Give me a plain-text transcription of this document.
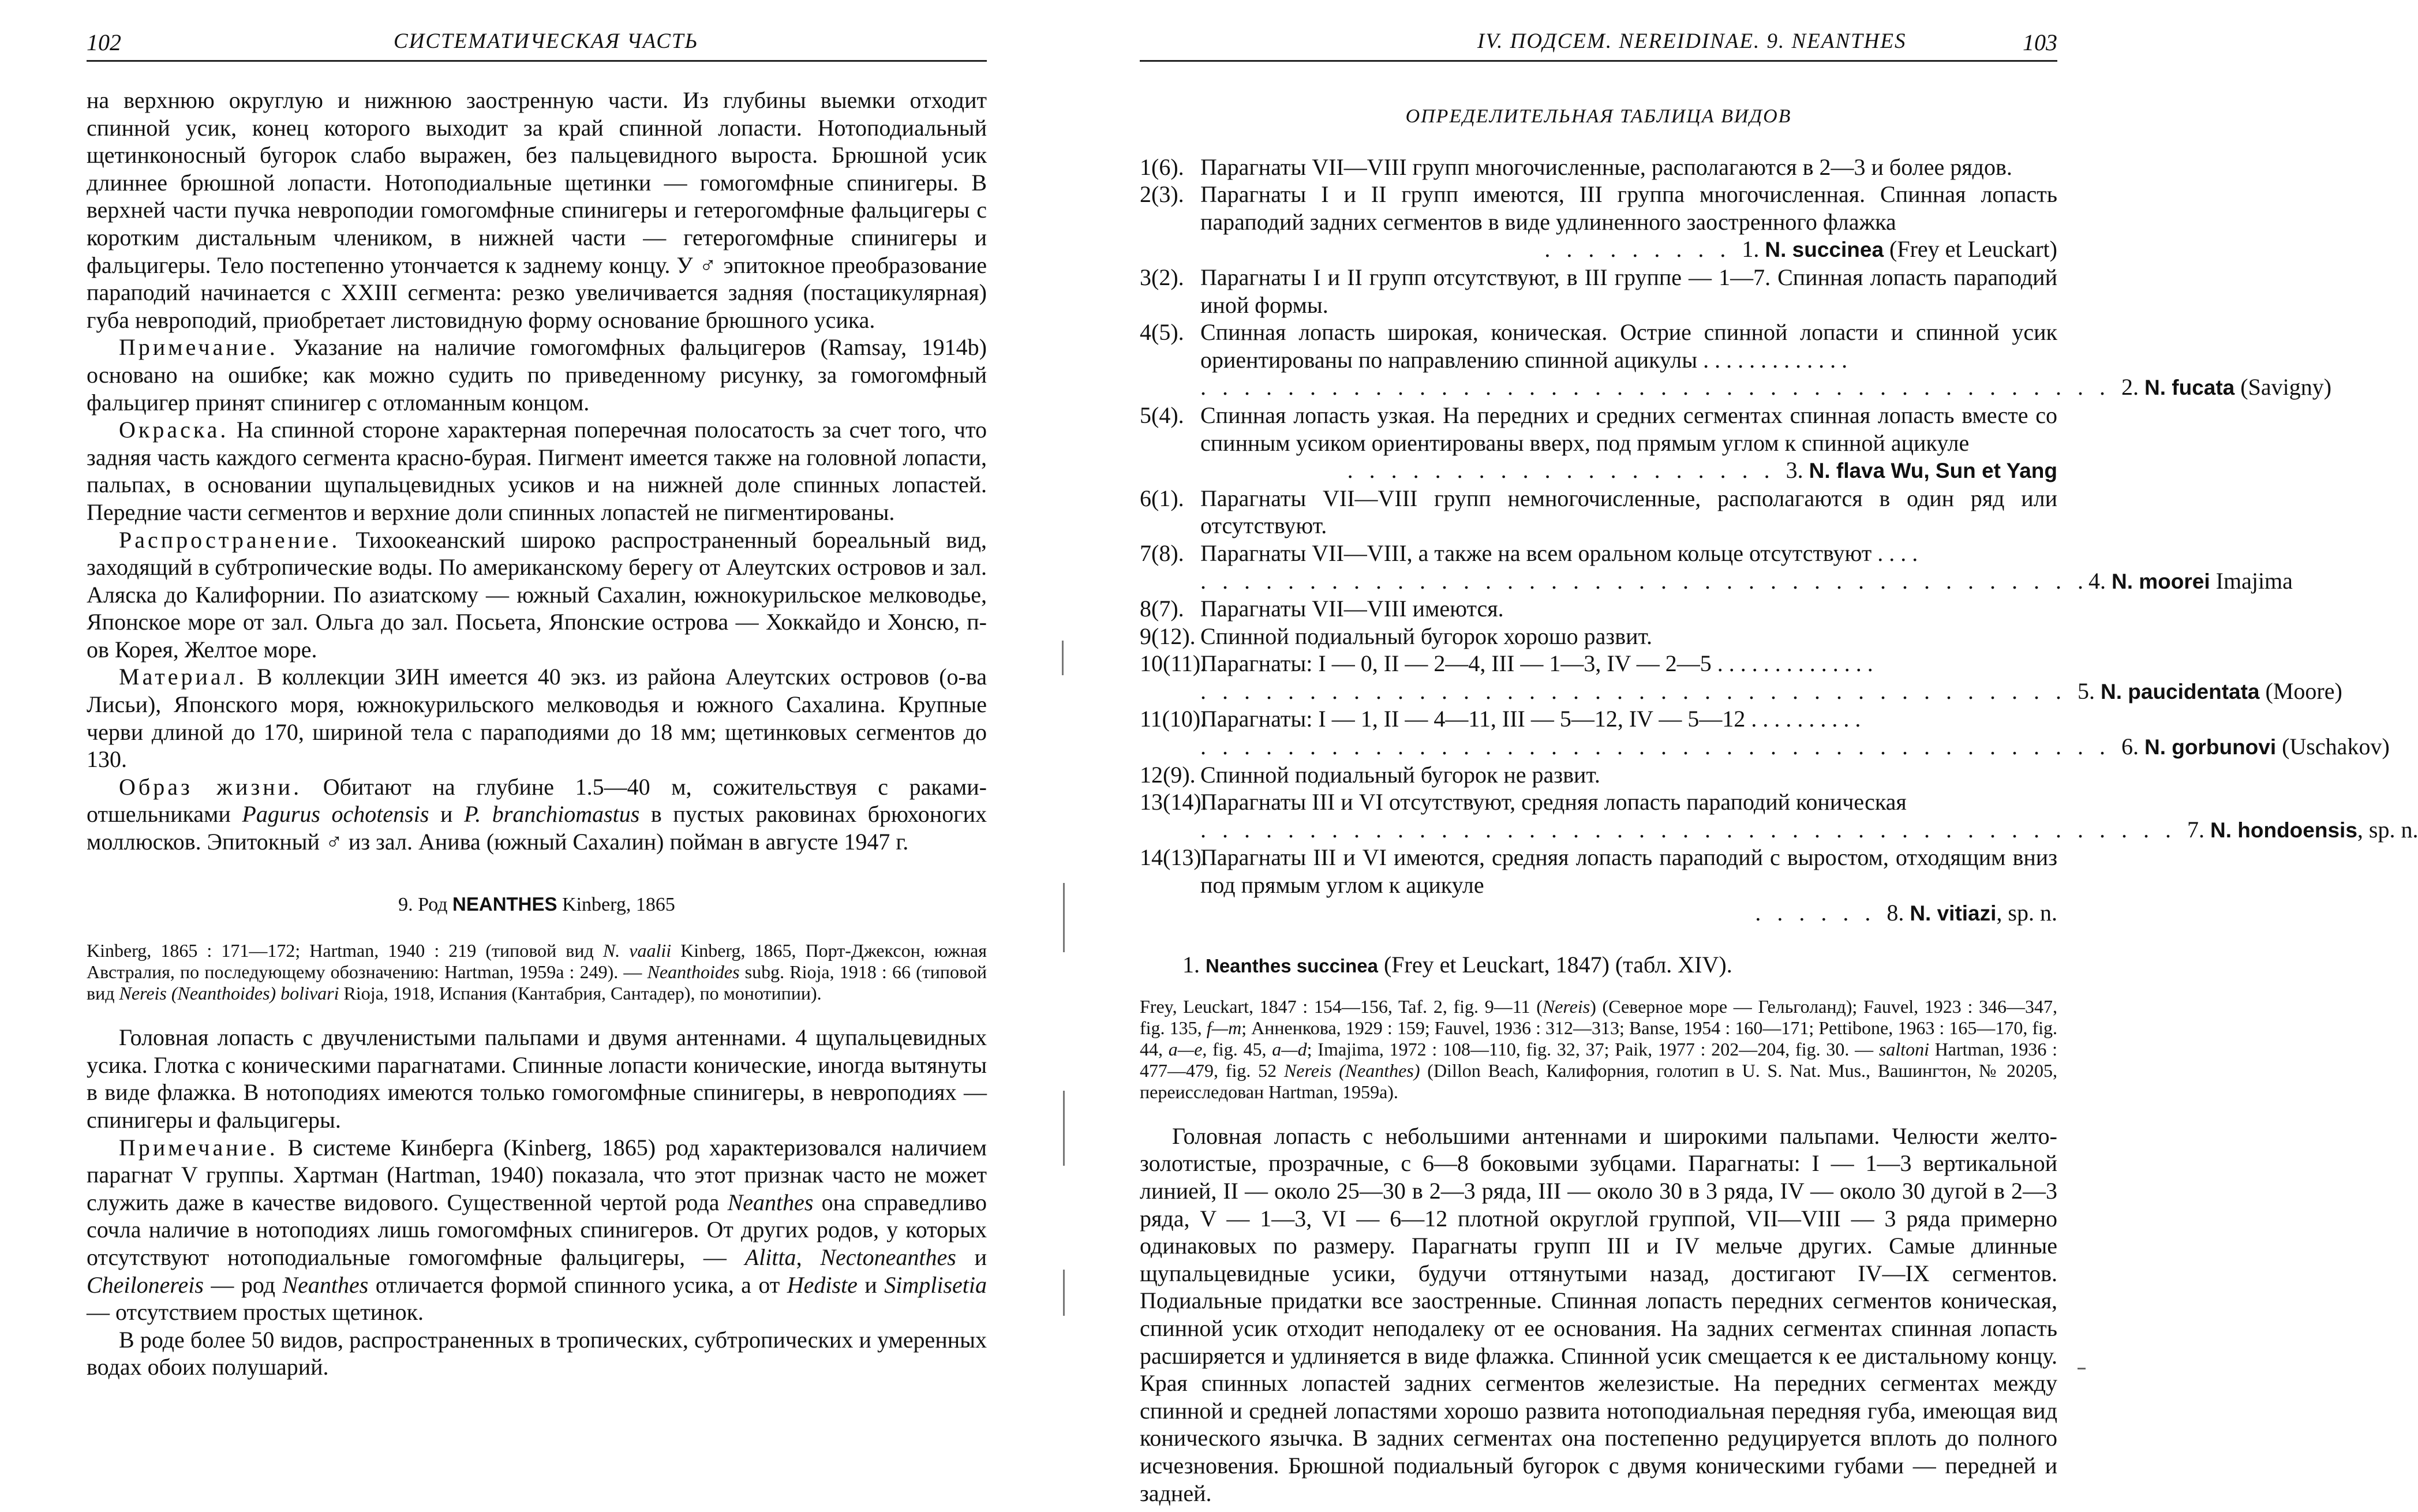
102	СИСТЕМАТИЧЕСКАЯ ЧАСТЬ

на верхнюю округлую и нижнюю заостренную части. Из глубины выемки отходит спинной усик, конец которого выходит за край спинной лопасти. Нотоподиальный щетинконосный бугорок слабо выражен, без пальцевидного выроста. Брюшной усик длиннее брюшной лопасти. Нотоподиальные щетинки — гомогомфные спинигеры. В верхней части пучка невроподии гомогомфные спинигеры и гетерогомфные фальцигеры с коротким дистальным члеником, в нижней части — гетерогомфные спинигеры и фальцигеры. Тело постепенно утончается к заднему концу. У ♂ эпитокное преобразование параподий начинается с XXIII сегмента: резко увеличивается задняя (постацикулярная) губа невроподий, приобретает листовидную форму основание брюшного усика.

Примечание. Указание на наличие гомогомфных фальцигеров (Ramsay, 1914b) основано на ошибке; как можно судить по приведенному рисунку, за гомогомфный фальцигер принят спинигер с отломанным концом.

Окраска. На спинной стороне характерная поперечная полосатость за счет того, что задняя часть каждого сегмента красно-бурая. Пигмент имеется также на головной лопасти, пальпах, в основании щупальцевидных усиков и на нижней доле спинных лопастей. Передние части сегментов и верхние доли спинных лопастей не пигментированы.

Распространение. Тихоокеанский широко распространенный бореальный вид, заходящий в субтропические воды. По американскому берегу от Алеутских островов и зал. Аляска до Калифорнии. По азиатскому — южный Сахалин, южнокурильское мелководье, Японское море от зал. Ольга до зал. Посьета, Японские острова — Хоккайдо и Хонсю, п-ов Корея, Желтое море.

Материал. В коллекции ЗИН имеется 40 экз. из района Алеутских островов (о-ва Лисьи), Японского моря, южнокурильского мелководья и южного Сахалина. Крупные черви длиной до 170, шириной тела с параподиями до 18 мм; щетинковых сегментов до 130.

Образ жизни. Обитают на глубине 1.5—40 м, сожительствуя с раками-отшельниками Pagurus ochotensis и P. branchiomastus в пустых раковинах брюхоногих моллюсков. Эпитокный ♂ из зал. Анива (южный Сахалин) пойман в августе 1947 г.

9. Род NEANTHES Kinberg, 1865

Kinberg, 1865 : 171—172; Hartman, 1940 : 219 (типовой вид N. vaalii Kinberg, 1865, Порт-Джексон, южная Австралия, по последующему обозначению: Hartman, 1959a : 249). — Neanthoides subg. Rioja, 1918 : 66 (типовой вид Nereis (Neanthoides) bolivari Rioja, 1918, Испания (Кантабрия, Сантадер), по монотипии).

Головная лопасть с двучленистыми пальпами и двумя антеннами. 4 щупальцевидных усика. Глотка с коническими парагнатами. Спинные лопасти конические, иногда вытянуты в виде флажка. В нотоподиях имеются только гомогомфные спинигеры, в невроподиях — спинигеры и фальцигеры.

Примечание. В системе Кинберга (Kinberg, 1865) род характеризовался наличием парагнат V группы. Хартман (Hartman, 1940) показала, что этот признак часто не может служить даже в качестве видового. Существенной чертой рода Neanthes она справедливо сочла наличие в нотоподиях лишь гомогомфных спинигеров. От других родов, у которых отсутствуют нотоподиальные гомогомфные фальцигеры, — Alitta, Nectoneanthes и Cheilonereis — род Neanthes отличается формой спинного усика, а от Hediste и Simplisetia — отсутствием простых щетинок.

В роде более 50 видов, распространенных в тропических, субтропических и умеренных водах обоих полушарий.

IV. ПОДСЕМ. NEREIDINAE. 9. NEANTHES	103
ОПРЕДЕЛИТЕЛЬНАЯ ТАБЛИЦА ВИДОВ
1(6). Парагнаты VII—VIII групп многочисленные, располагаются в 2—3 и более рядов.
2(3). Парагнаты I и II групп имеются, III группа многочисленная. Спинная лопасть параподий задних сегментов в виде удлиненного заостренного флажка
. . . . . . . . . 1. N. succinea (Frey et Leuckart)
3(2). Парагнаты I и II групп отсутствуют, в III группе — 1—7. Спинная лопасть параподий иной формы.
4(5). Спинная лопасть широкая, коническая. Острие спинной лопасти и спинной усик ориентированы по направлению спинной ацикулы . . . . . . . . . . . . .
. . . . . . . . . . . . . . . . . . . . . . . . . . . . . . . . . . . . . . . . . . 2. N. fucata (Savigny)
5(4). Спинная лопасть узкая. На передних и средних сегментах спинная лопасть вместе со спинным усиком ориентированы вверх, под прямым углом к спинной ацикуле
. . . . . . . . . . . . . . . . . . . . 3. N. flava Wu, Sun et Yang
6(1). Парагнаты VII—VIII групп немногочисленные, располагаются в один ряд или отсутствуют.
7(8). Парагнаты VII—VIII, а также на всем оральном кольце отсутствуют . . . .
. . . . . . . . . . . . . . . . . . . . . . . . . . . . . . . . . . . . . . . . .4. N. moorei Imajima
8(7). Парагнаты VII—VIII имеются.
9(12). Спинной подиальный бугорок хорошо развит.
10(11).
Парагнаты: I — 0, II — 2—4, III — 1—3, IV — 2—5 . . . . . . . . . . . . . .
. . . . . . . . . . . . . . . . . . . . . . . . . . . . . . . . . . . . . . . . 5. N. paucidentata (Moore)
11(10).
Парагнаты: I — 1, II — 4—11, III — 5—12, IV — 5—12 . . . . . . . . . .
. . . . . . . . . . . . . . . . . . . . . . . . . . . . . . . . . . . . . . . . . . 6. N. gorbunovi (Uschakov)
12(9). Спинной подиальный бугорок не развит.
13(14).
Парагнаты III и VI отсутствуют, средняя лопасть параподий коническая
. . . . . . . . . . . . . . . . . . . . . . . . . . . . . . . . . . . . . . . . . . . . . 7. N. hondoensis, sp. n.
14(13).
Парагнаты III и VI имеются, средняя лопасть параподий с выростом, отходящим вниз под прямым углом к ацикуле
. . . . . . 8. N. vitiazi, sp. n.
1. Neanthes succinea (Frey et Leuckart, 1847) (табл. XIV).

Frey, Leuckart, 1847 : 154—156, Taf. 2, fig. 9—11 (Nereis) (Северное море — Гельголанд); Fauvel, 1923 : 346—347, fig. 135, f—m; Анненкова, 1929 : 159; Fauvel, 1936 : 312—313; Banse, 1954 : 160—171; Pettibone, 1963 : 165—170, fig. 44, a—e, fig. 45, a—d; Imajima, 1972 : 108—110, fig. 32, 37; Paik, 1977 : 202—204, fig. 30. — saltoni Hartman, 1936 : 477—479, fig. 52 Nereis (Neanthes) (Dillon Beach, Калифорния, голотип в U. S. Nat. Mus., Вашингтон, № 20205, переисследован Hartman, 1959a).

Головная лопасть с небольшими антеннами и широкими пальпами. Челюсти желто-золотистые, прозрачные, с 6—8 боковыми зубцами. Парагнаты: I — 1—3 вертикальной линией, II — около 25—30 в 2—3 ряда, III — около 30 в 3 ряда, IV — около 30 дугой в 2—3 ряда, V — 1—3, VI — 6—12 плотной округлой группой, VII—VIII — 3 ряда примерно одинаковых по размеру. Парагнаты групп III и IV мельче других. Самые длинные щупальцевидные усики, будучи оттянутыми назад, достигают IV—IX сегментов. Подиальные придатки все заостренные. Спинная лопасть передних сегментов коническая, спинной усик отходит неподалеку от ее основания. На задних сегментах спинная лопасть расширяется и удлиняется в виде флажка. Спинной усик смещается к ее дистальному концу. Края спинных лопастей задних сегментов железистые. На передних сегментах между спинной и средней лопастями хорошо развита нотоподиальная передняя губа, имеющая вид конического язычка. В задних сегментах она постепенно редуцируется вплоть до полного исчезновения. Брюшной подиальный бугорок с двумя коническими губами — передней и задней.
